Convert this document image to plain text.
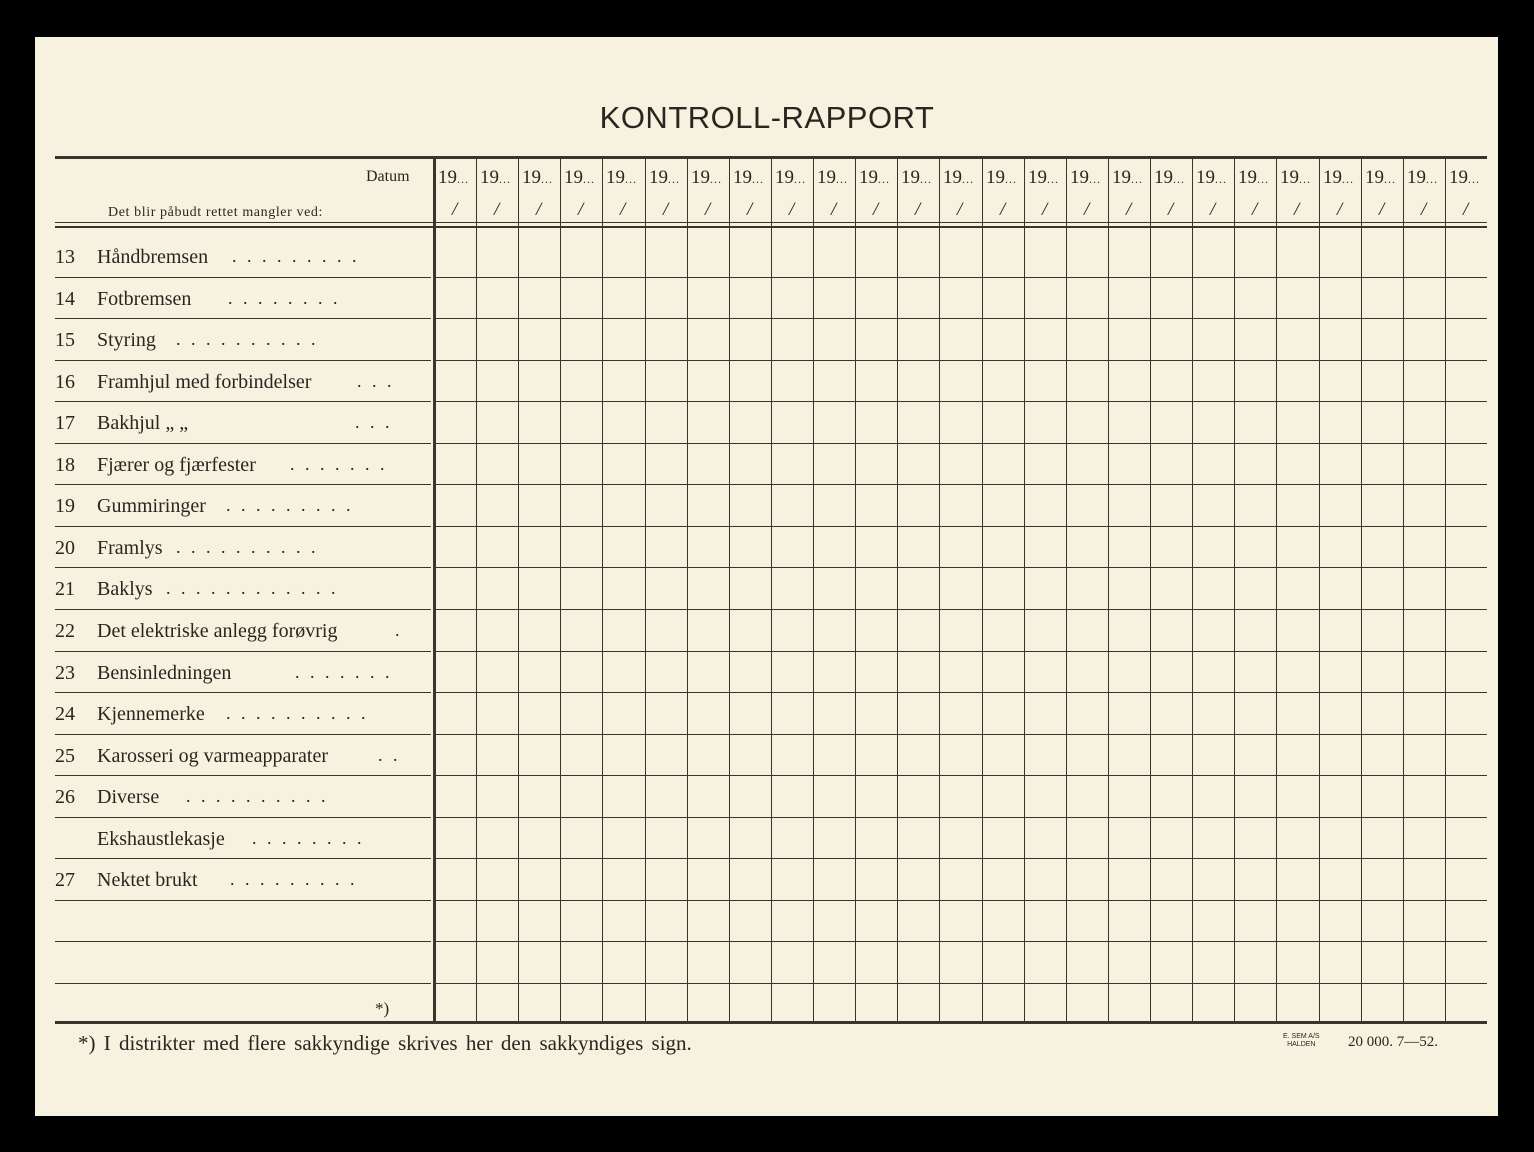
KONTROLL-RAPPORT
Datum
Det blir påbudt rettet mangler ved:
19...
/
19...
/
19...
/
19...
/
19...
/
19...
/
19...
/
19...
/
19...
/
19...
/
19...
/
19...
/
19...
/
19...
/
19...
/
19...
/
19...
/
19...
/
19...
/
19...
/
19...
/
19...
/
19...
/
19...
/
19...
/
13	Håndbremsen
14	Fotbremsen
15	Styring
16	Framhjul med forbindelser
17	Bakhjul „ „
18	Fjærer og fjærfester
19	Gummiringer
20	Framlys
21	Baklys
22	Det elektriske anlegg forøvrig
23	Bensinledningen
24	Kjennemerke
25	Karosseri og varmeapparater
26	Diverse
Ekshaustlekasje
27	Nektet brukt
*)
. . . . . . . . .
. . . . . . . .
. . . . . . . . . .
. . .
. . .
. . . . . . .
. . . . . . . . .
. . . . . . . . . .
. . . . . . . . . . . .
.
. . . . . . .
. . . . . . . . . .
. .
. . . . . . . . . .
. . . . . . . .
. . . . . . . . .
*) I distrikter med flere sakkyndige skrives her den sakkyndiges sign.	E. SEM A/S
HALDEN 20 000. 7—52.
